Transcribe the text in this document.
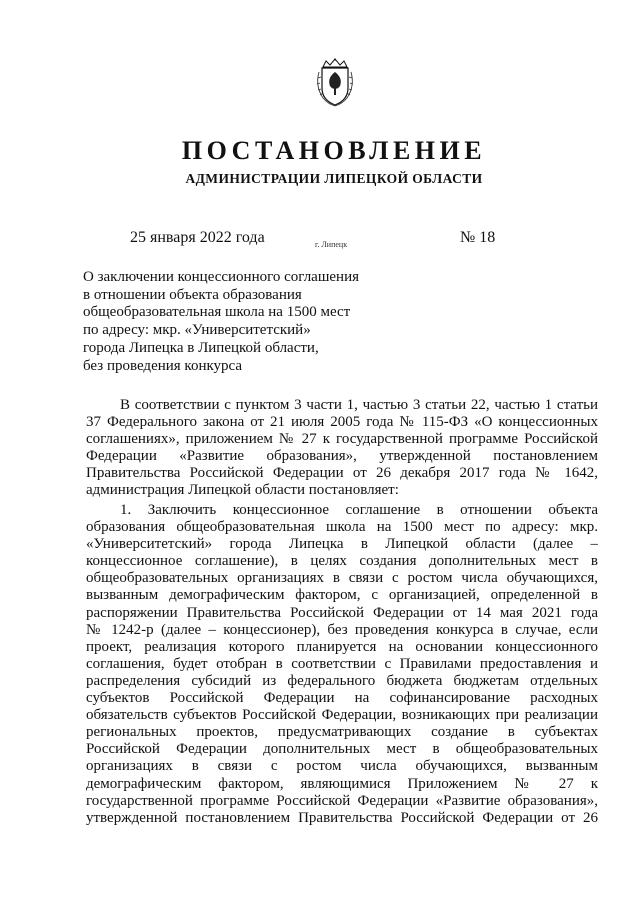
ПОСТАНОВЛЕНИЕ
АДМИНИСТРАЦИИ ЛИПЕЦКОЙ ОБЛАСТИ
25 января 2022 года	г. Липецк	№ 18
О заключении концессионного соглашения
в отношении объекта образования
общеобразовательная школа на 1500 мест
по адресу: мкр. «Университетский»
города Липецка в Липецкой области,
без проведения конкурса
В соответствии с пунктом 3 части 1, частью 3 статьи 22, частью 1 статьи
37 Федерального закона от 21 июля 2005 года № 115-ФЗ «О концессионных
соглашениях», приложением № 27 к государственной программе Российской
Федерации «Развитие образования», утвержденной постановлением
Правительства Российской Федерации от 26 декабря 2017 года № 1642,
администрация Липецкой области постановляет:
1. Заключить концессионное соглашение в отношении объекта
образования общеобразовательная школа на 1500 мест по адресу: мкр.
«Университетский» города Липецка в Липецкой области (далее –
концессионное соглашение), в целях создания дополнительных мест в
общеобразовательных организациях в связи с ростом числа обучающихся,
вызванным демографическим фактором, с организацией, определенной в
распоряжении Правительства Российской Федерации от 14 мая 2021 года
№ 1242-р (далее – концессионер), без проведения конкурса в случае, если
проект, реализация которого планируется на основании концессионного
соглашения, будет отобран в соответствии с Правилами предоставления и
распределения субсидий из федерального бюджета бюджетам отдельных
субъектов Российской Федерации на софинансирование расходных
обязательств субъектов Российской Федерации, возникающих при реализации
региональных проектов, предусматривающих создание в субъектах
Российской Федерации дополнительных мест в общеобразовательных
организациях в связи с ростом числа обучающихся, вызванным
демографическим фактором, являющимися Приложением № 27 к
государственной программе Российской Федерации «Развитие образования»,
утвержденной постановлением Правительства Российской Федерации от 26
